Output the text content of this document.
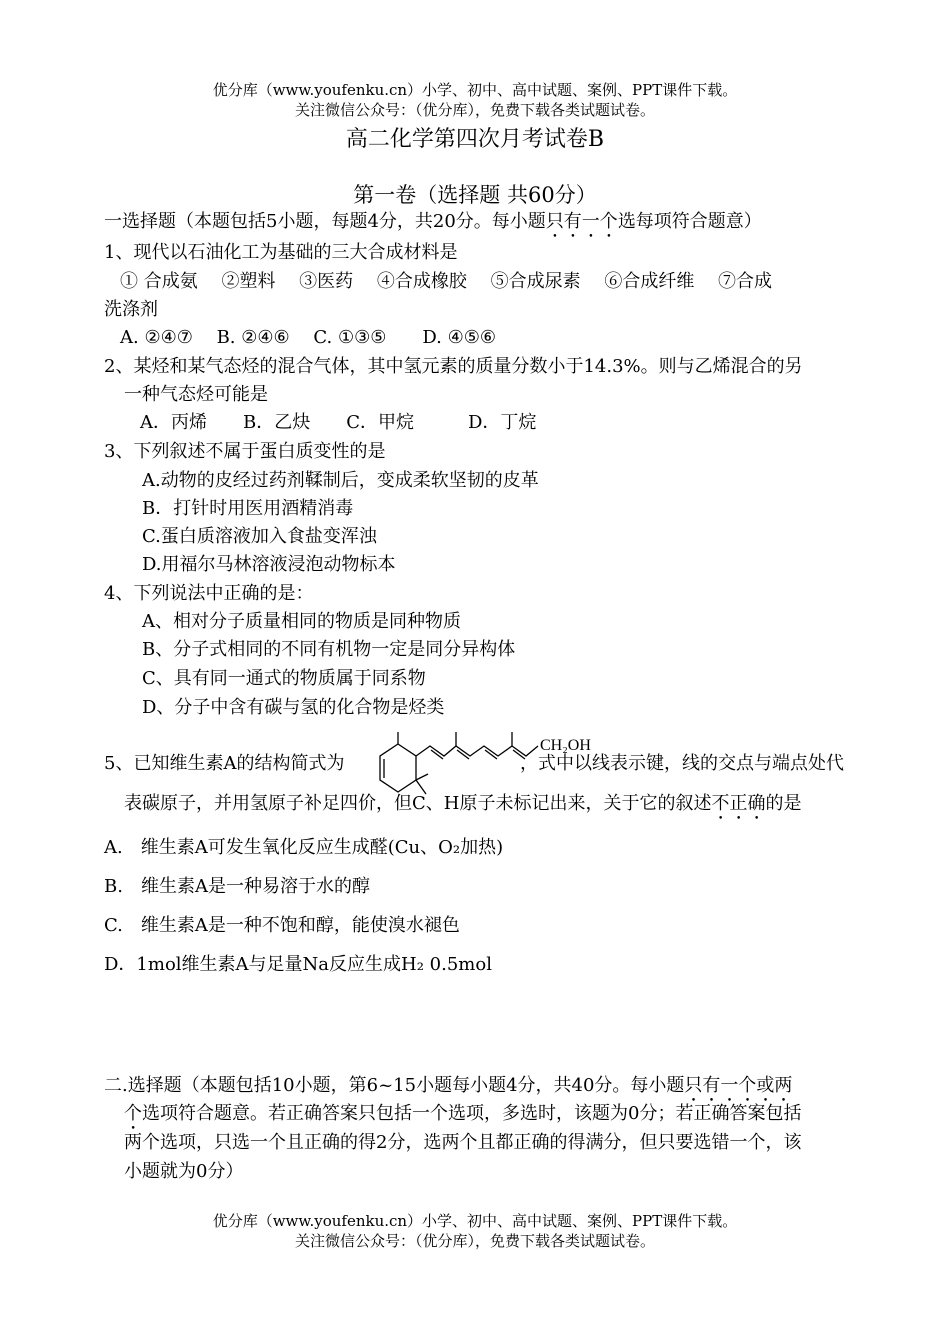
优分库（www.youfenku.cn）小学、初中、高中试题、案例、PPT课件下载。
关注微信公众号：（优分库），免费下载各类试题试卷。
高二化学第四次月考试卷B
第一卷（选择题 共60分）
一选择题（本题包括5小题，每题4分，共20分。每小题只有一个选每项符合题意）
1、现代以石油化工为基础的三大合成材料是
① 合成氨　 ②塑料　 ③医药　 ④合成橡胶　 ⑤合成尿素　 ⑥合成纤维　 ⑦合成
洗涤剂
A. ②④⑦　 B. ②④⑥　 C. ①③⑤　　D. ④⑤⑥
2、某烃和某气态烃的混合气体，其中氢元素的质量分数小于14.3%。则与乙烯混合的另
一种气态烃可能是
A．丙烯　　B．乙炔　　C．甲烷　　　D．丁烷
3、下列叙述不属于蛋白质变性的是
A.动物的皮经过药剂鞣制后，变成柔软坚韧的皮革
B．打针时用医用酒精消毒
C.蛋白质溶液加入食盐变浑浊
D.用福尔马林溶液浸泡动物标本
4、下列说法中正确的是：
A、相对分子质量相同的物质是同种物质
B、分子式相同的不同有机物一定是同分异构体
C、具有同一通式的物质属于同系物
D、分子中含有碳与氢的化合物是烃类
5、已知维生素A的结构简式为
CH₂OH
，式中以线表示键，线的交点与端点处代
表碳原子，并用氢原子补足四价，但C、H原子未标记出来，关于它的叙述不正确的是
A.　维生素A可发生氧化反应生成醛(Cu、O₂加热)
B.　维生素A是一种易溶于水的醇
C.　维生素A是一种不饱和醇，能使溴水褪色
D．1mol维生素A与足量Na反应生成H₂ 0.5mol
二.选择题（本题包括10小题，第6~15小题每小题4分，共40分。每小题只有一个或两
个选项符合题意。若正确答案只包括一个选项，多选时，该题为0分；若正确答案包括
两个选项，只选一个且正确的得2分，选两个且都正确的得满分，但只要选错一个，该
小题就为0分）
优分库（www.youfenku.cn）小学、初中、高中试题、案例、PPT课件下载。
关注微信公众号：（优分库），免费下载各类试题试卷。
